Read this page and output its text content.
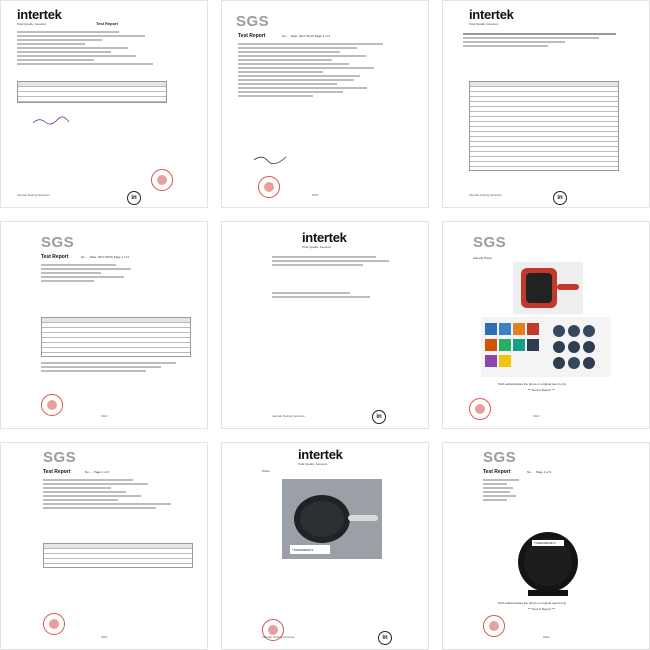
intertek
Total Quality. Assured.	Test Report
in
Intertek Testing Services
SGS
Test Report	No. ... Date: 2017.08.15 Page 1 of 3
SGS
intertek
Total Quality. Assured.
in
Intertek Testing Services
SGS
Test Report	No. ... Date: 2017.08.09 Page 1 of 3
SGS
intertek
Total Quality. Assured.
in
Intertek Testing Services
SGS
Sample Photo
SGS authenticates the photo on original report only
*** End of Report ***
SGS
SGS
Test Report	No. ... Page 1 of 3
SGS
intertek
Total Quality. Assured.
Photo
TSNH00283371
in
Intertek Testing Services
SGS
Test Report	No. ... Page 1 of 3
TSNH00283372
SGS authenticates the photo on original report only
*** End of Report ***
SGS
